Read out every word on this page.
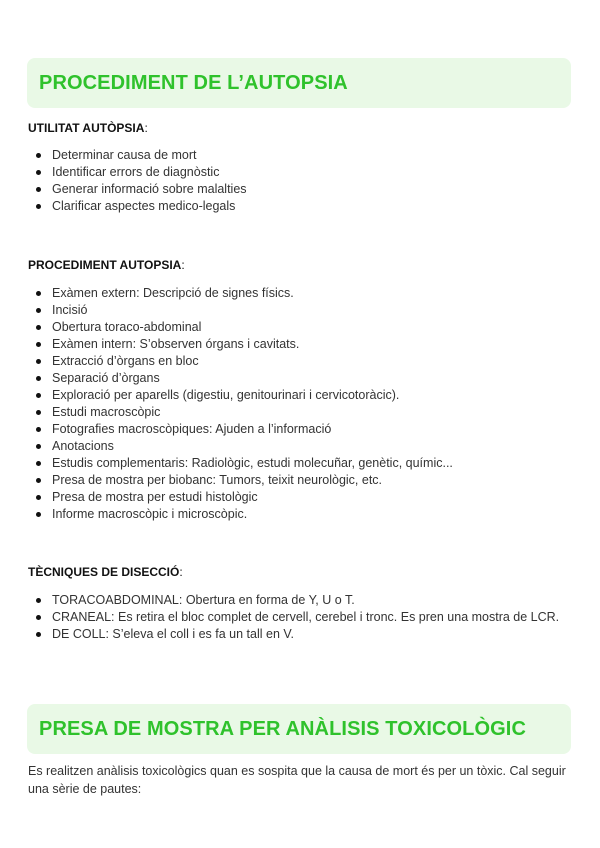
PROCEDIMENT DE L’AUTOPSIA
UTILITAT AUTÒPSIA:
Determinar causa de mort
Identificar errors de diagnòstic
Generar informació sobre malalties
Clarificar aspectes medico-legals
PROCEDIMENT AUTOPSIA:
Exàmen extern: Descripció de signes físics.
Incisió
Obertura toraco-abdominal
Exàmen intern: S’observen órgans i cavitats.
Extracció d’òrgans en bloc
Separació d’òrgans
Exploració per aparells (digestiu, genitourinari i cervicotoràcic).
Estudi macroscòpic
Fotografies macroscòpiques: Ajuden a l’informació
Anotacions
Estudis complementaris: Radiològic, estudi molecuñar, genètic, químic...
Presa de mostra per biobanc: Tumors, teixit neurològic, etc.
Presa de mostra per estudi histològic
Informe macroscòpic i microscòpic.
TÈCNIQUES DE DISECCIÓ:
TORACOABDOMINAL: Obertura en forma de Y, U o T.
CRANEAL: Es retira el bloc complet de cervell, cerebel i tronc. Es pren una mostra de LCR.
DE COLL: S’eleva el coll i es fa un tall en V.
PRESA DE MOSTRA PER ANÀLISIS TOXICOLÒGIC

Es realitzen anàlisis toxicològics quan es sospita que la causa de mort és per un tòxic. Cal seguir una sèrie de pautes:
